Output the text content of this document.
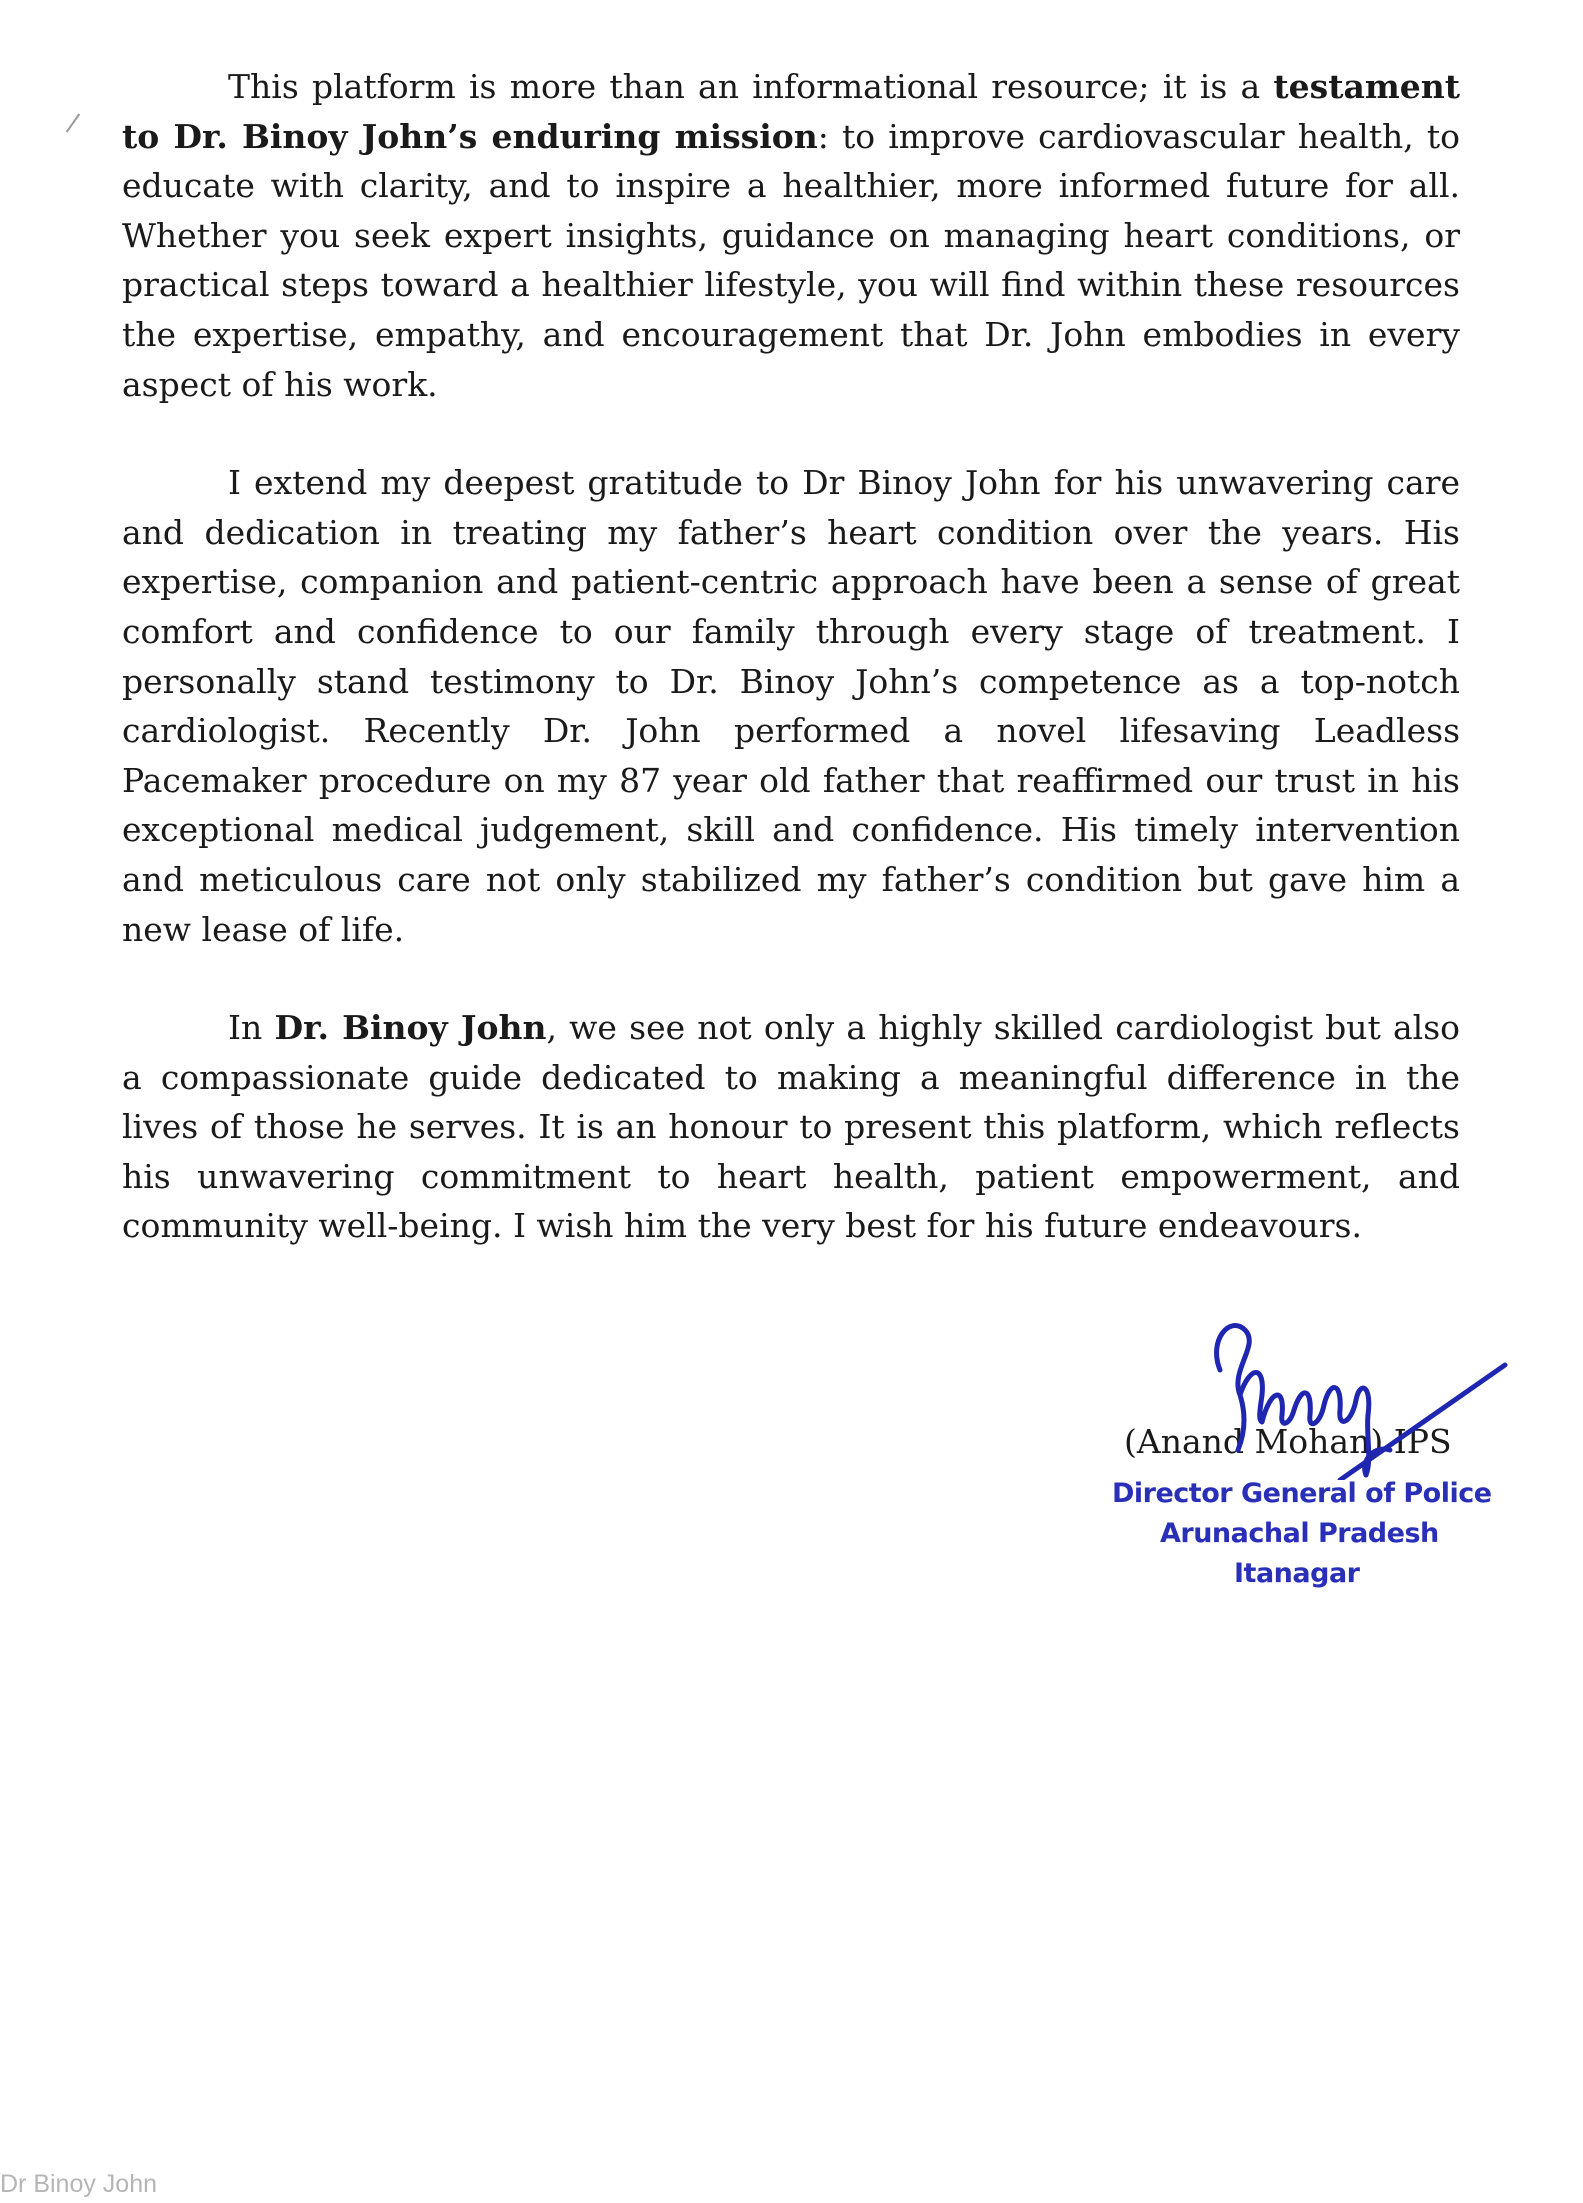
This platform is more than an informational resource; it is a testament to Dr. Binoy John’s enduring mission: to improve cardiovascular health, to educate with clarity, and to inspire a healthier, more informed future for all. Whether you seek expert insights, guidance on managing heart conditions, or practical steps toward a healthier lifestyle, you will find within these resources the expertise, empathy, and encouragement that Dr. John embodies in every aspect of his work.

I extend my deepest gratitude to Dr Binoy John for his unwavering care and dedication in treating my father’s heart condition over the years. His expertise, companion and patient-centric approach have been a sense of great comfort and confidence to our family through every stage of treatment. I personally stand testimony to Dr. Binoy John’s competence as a top-notch cardiologist. Recently Dr. John performed a novel lifesaving Leadless Pacemaker procedure on my 87 year old father that reaffirmed our trust in his exceptional medical judgement, skill and confidence. His timely intervention and meticulous care not only stabilized my father’s condition but gave him a new lease of life.

In Dr. Binoy John, we see not only a highly skilled cardiologist but also a compassionate guide dedicated to making a meaningful difference in the lives of those he serves. It is an honour to present this platform, which reflects his unwavering commitment to heart health, patient empowerment, and community well-being. I wish him the very best for his future endeavours.

(Anand Mohan) IPS
Director General of Police
Arunachal Pradesh
Itanagar
Dr Binoy John
